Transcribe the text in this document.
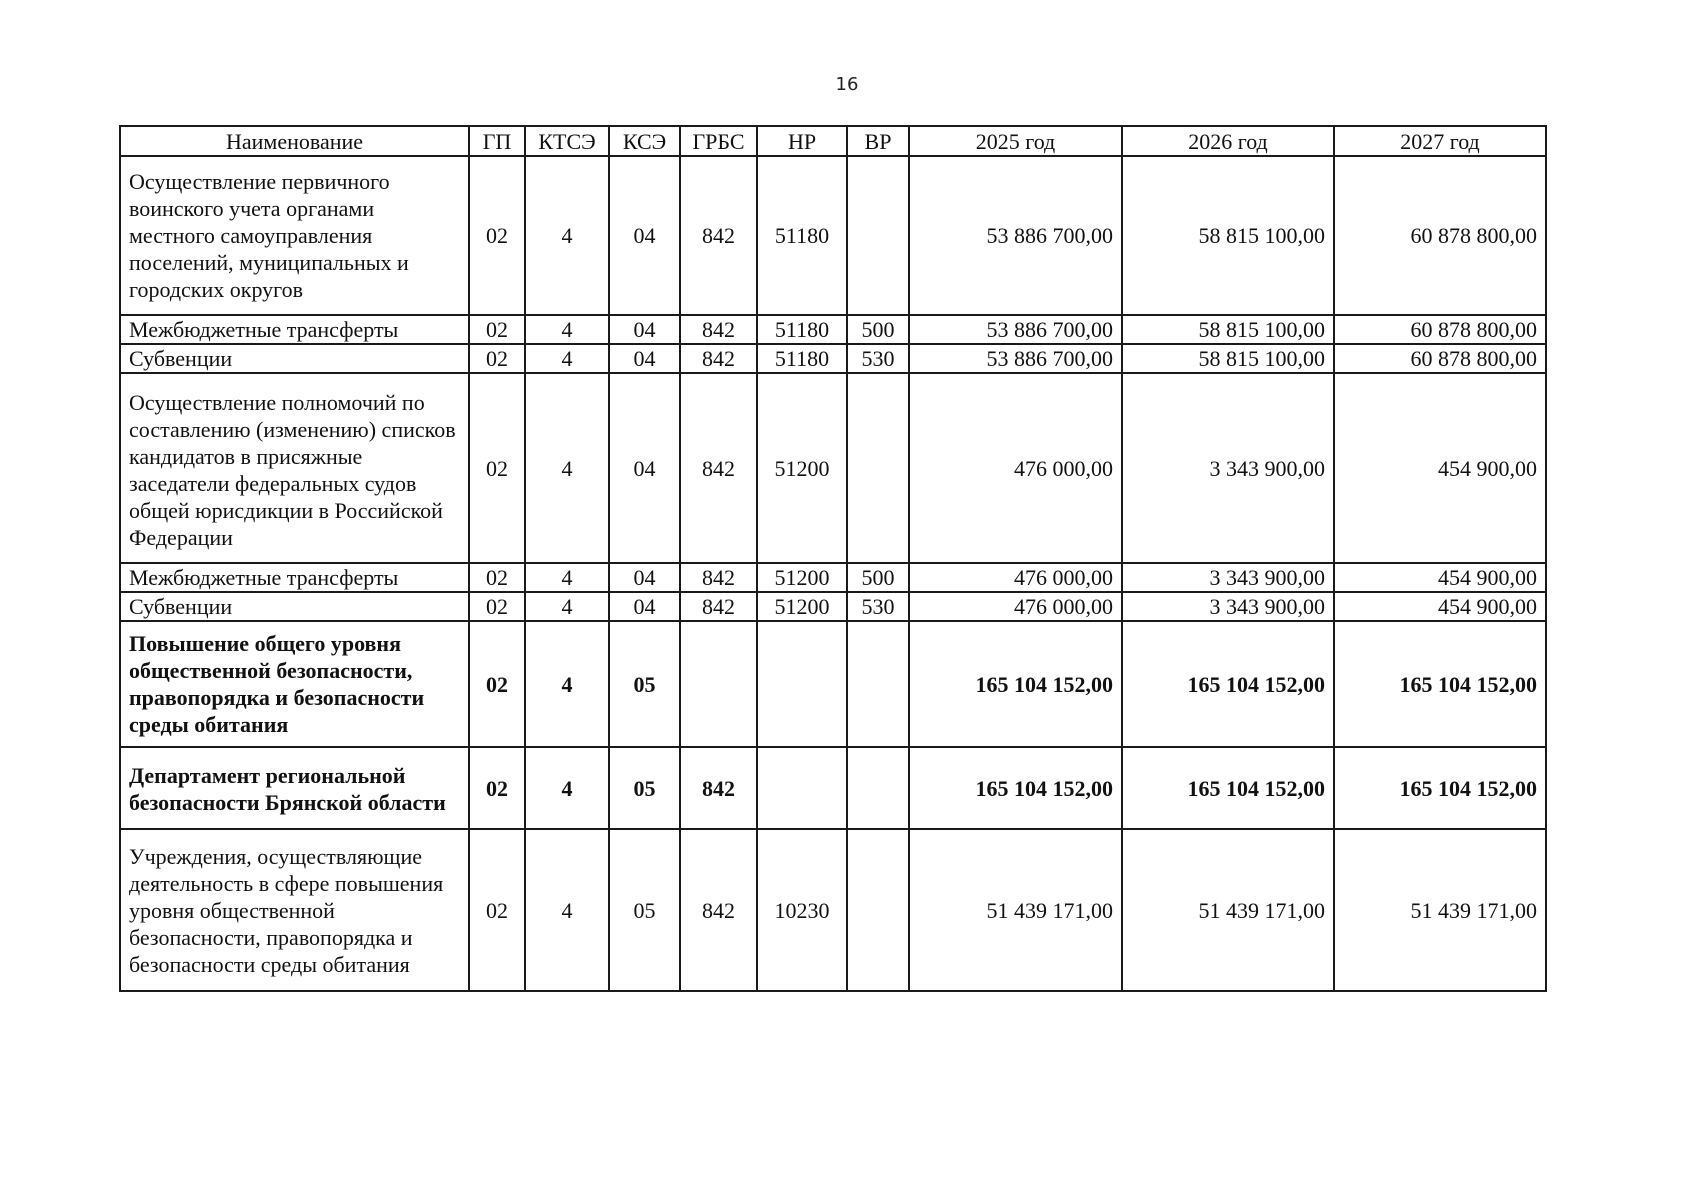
16
Наименование	ГП	КТСЭ	КСЭ	ГРБС	НР	ВР	2025 год	2026 год	2027 год
Осуществление первичного воинского учета органами местного самоуправления поселений, муниципальных и городских округов	02	4	04	842	51180		53 886 700,00	58 815 100,00	60 878 800,00
Межбюджетные трансферты	02	4	04	842	51180	500	53 886 700,00	58 815 100,00	60 878 800,00
Субвенции	02	4	04	842	51180	530	53 886 700,00	58 815 100,00	60 878 800,00
Осуществление полномочий по составлению (изменению) списков кандидатов в присяжные заседатели федеральных судов общей юрисдикции в Российской Федерации	02	4	04	842	51200		476 000,00	3 343 900,00	454 900,00
Межбюджетные трансферты	02	4	04	842	51200	500	476 000,00	3 343 900,00	454 900,00
Субвенции	02	4	04	842	51200	530	476 000,00	3 343 900,00	454 900,00
Повышение общего уровня общественной безопасности, правопорядка и безопасности среды обитания	02	4	05				165 104 152,00	165 104 152,00	165 104 152,00
Департамент региональной безопасности Брянской области	02	4	05	842			165 104 152,00	165 104 152,00	165 104 152,00
Учреждения, осуществляющие деятельность в сфере повышения уровня общественной безопасности, правопорядка и безопасности среды обитания	02	4	05	842	10230		51 439 171,00	51 439 171,00	51 439 171,00
